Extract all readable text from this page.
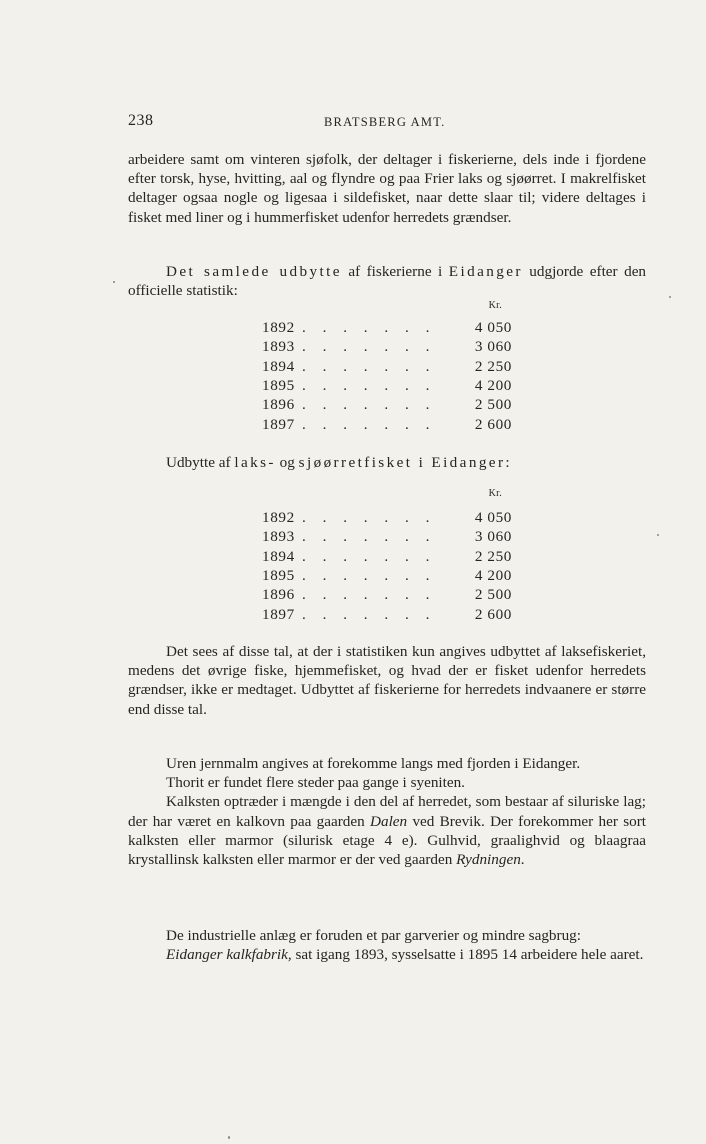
238	BRATSBERG AMT.

arbeidere samt om vinteren sjøfolk, der deltager i fiskerierne, dels inde i fjordene efter torsk, hyse, hvitting, aal og flyndre og paa Frier laks og sjøørret. I makrelfisket deltager ogsaa nogle og ligesaa i sildefisket, naar dette slaar til; videre deltages i fisket med liner og i hummerfisket udenfor herredets grændser.

Det samlede udbytte af fiskerierne i Eidanger udgjorde efter den officielle statistik:

Kr.
1892 . . . . . . .	4 050
1893 . . . . . . .	3 060
1894 . . . . . . .	2 250
1895 . . . . . . .	4 200
1896 . . . . . . .	2 500
1897 . . . . . . .	2 600

Udbytte af laks- og sjøørretfisket i Eidanger:

Kr.
1892 . . . . . . .	4 050
1893 . . . . . . .	3 060
1894 . . . . . . .	2 250
1895 . . . . . . .	4 200
1896 . . . . . . .	2 500
1897 . . . . . . .	2 600

Det sees af disse tal, at der i statistiken kun angives udbyttet af laksefiskeriet, medens det øvrige fiske, hjemmefisket, og hvad der er fisket udenfor herredets grændser, ikke er medtaget. Udbyttet af fiskerierne for herredets indvaanere er større end disse tal.

Uren jernmalm angives at forekomme langs med fjorden i Eidanger.

Thorit er fundet flere steder paa gange i syeniten.

Kalksten optræder i mængde i den del af herredet, som bestaar af siluriske lag; der har været en kalkovn paa gaarden Dalen ved Brevik. Der forekommer her sort kalksten eller marmor (silurisk etage 4 e). Gulhvid, graalighvid og blaagraa krystallinsk kalksten eller marmor er der ved gaarden Rydningen.

De industrielle anlæg er foruden et par garverier og mindre sagbrug:

Eidanger kalkfabrik, sat igang 1893, sysselsatte i 1895 14 arbeidere hele aaret.
